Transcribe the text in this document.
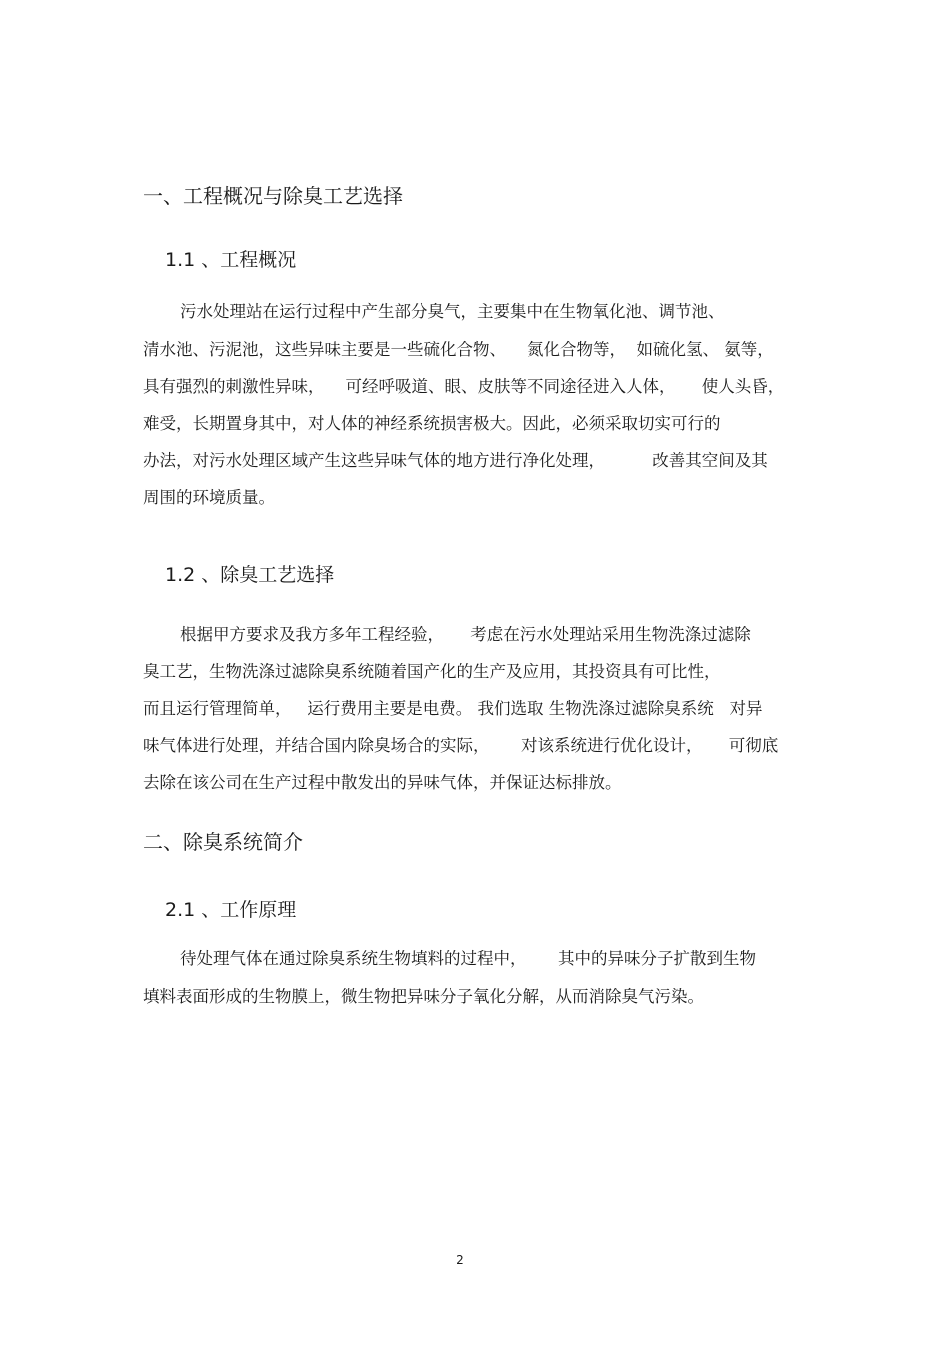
一、工程概况与除臭工艺选择
1.1 、工程概况
污水处理站在运行过程中产生部分臭气，主要集中在生物氧化池、调节池、
清水池、污泥池，这些异味主要是一些硫化合物、    氮化合物等，  如硫化氢、 氨等，
具有强烈的刺激性异味，    可经呼吸道、眼、皮肤等不同途径进入人体，     使人头昏，
难受，长期置身其中，对人体的神经系统损害极大。因此，必须采取切实可行的
办法，对污水处理区域产生这些异味气体的地方进行净化处理，         改善其空间及其
周围的环境质量。
1.2 、除臭工艺选择
根据甲方要求及我方多年工程经验，     考虑在污水处理站采用生物洗涤过滤除
臭工艺，生物洗涤过滤除臭系统随着国产化的生产及应用，其投资具有可比性，
而且运行管理简单，   运行费用主要是电费。 我们选取 生物洗涤过滤除臭系统   对异
味气体进行处理，并结合国内除臭场合的实际，      对该系统进行优化设计，     可彻底
去除在该公司在生产过程中散发出的异味气体，并保证达标排放。
二、除臭系统简介
2.1 、工作原理
待处理气体在通过除臭系统生物填料的过程中，      其中的异味分子扩散到生物
填料表面形成的生物膜上，微生物把异味分子氧化分解，从而消除臭气污染。
2
